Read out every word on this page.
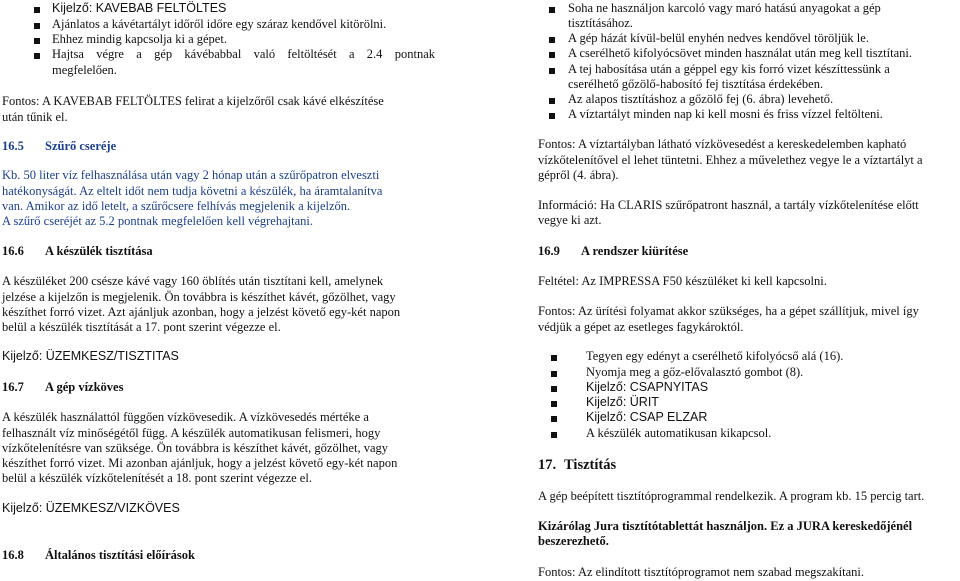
Kijelző: KAVEBAB FELTÖLTES
Ajánlatos a kávétartályt időről időre egy száraz kendővel kitörölni.
Ehhez mindig kapcsolja ki a gépet.
Hajtsa végre a gép kávébabbal való feltöltését a 2.4 pontnak
megfelelően.
Fontos: A KAVEBAB FELTÖLTES felirat a kijelzőről csak kávé elkészítése
után tűnik el.
16.5 Szűrő cseréje
Kb. 50 liter víz felhasználása után vagy 2 hónap után a szűrőpatron elveszti
hatékonyságát. Az eltelt időt nem tudja követni a készülék, ha áramtalanítva
van. Amikor az idő letelt, a szűrőcsere felhívás megjelenik a kijelzőn.
A szűrő cseréjét az 5.2 pontnak megfelelően kell végrehajtani.
16.6 A készülék tisztítása
A készüléket 200 csésze kávé vagy 160 öblítés után tisztítani kell, amelynek
jelzése a kijelzőn is megjelenik. Ön továbbra is készíthet kávét, gőzölhet, vagy
készíthet forró vizet. Azt ajánljuk azonban, hogy a jelzést követő egy-két napon
belül a készülék tisztítását a 17. pont szerint végezze el.
Kijelző: ÜZEMKESZ/TISZTITAS
16.7 A gép vízköves
A készülék használattól függően vízkövesedik. A vízkövesedés mértéke a
felhasznált víz minőségétől függ. A készülék automatikusan felismeri, hogy
vízkőtelenítésre van szüksége. Ön továbbra is készíthet kávét, gőzölhet, vagy
készíthet forró vizet. Mi azonban ajánljuk, hogy a jelzést követő egy-két napon
belül a készülék vízkőtelenítését a 18. pont szerint végezze el.
Kijelző: ÜZEMKESZ/VIZKÖVES
16.8 Általános tisztítási előírások
Soha ne használjon karcoló vagy maró hatású anyagokat a gép
tisztításához.
A gép házát kívül-belül enyhén nedves kendővel töröljük le.
A cserélhető kifolyócsövet minden használat után meg kell tisztítani.
A tej habosítása után a géppel egy kis forró vizet készíttessünk a
cserélhető gőzölő-habosító fej tisztítása érdekében.
Az alapos tisztításhoz a gőzölő fej (6. ábra) levehető.
A víztartályt minden nap ki kell mosni és friss vízzel feltölteni.
Fontos: A víztartályban látható vízkövesedést a kereskedelemben kapható
vízkőtelenítővel el lehet tüntetni. Ehhez a művelethez vegye le a víztartályt a
gépről (4. ábra).
Információ: Ha CLARIS szűrőpatront használ, a tartály vízkőtelenítése előtt
vegye ki azt.
16.9 A rendszer kiürítése
Feltétel: Az IMPRESSA F50 készüléket ki kell kapcsolni.
Fontos: Az ürítési folyamat akkor szükséges, ha a gépet szállítjuk, mivel így
védjük a gépet az esetleges fagykároktól.
Tegyen egy edényt a cserélhető kifolyócső alá (16).
Nyomja meg a gőz-elővalasztó gombot (8).
Kijelző: CSAPNYITAS
Kijelző: ÜRIT
Kijelző: CSAP ELZAR
A készülék automatikusan kikapcsol.
17. Tisztítás
A gép beépített tisztítóprogrammal rendelkezik. A program kb. 15 percig tart.
Kizárólag Jura tisztítótablettát használjon. Ez a JURA kereskedőjénél
beszerezhető.
Fontos: Az elindított tisztítóprogramot nem szabad megszakítani.
